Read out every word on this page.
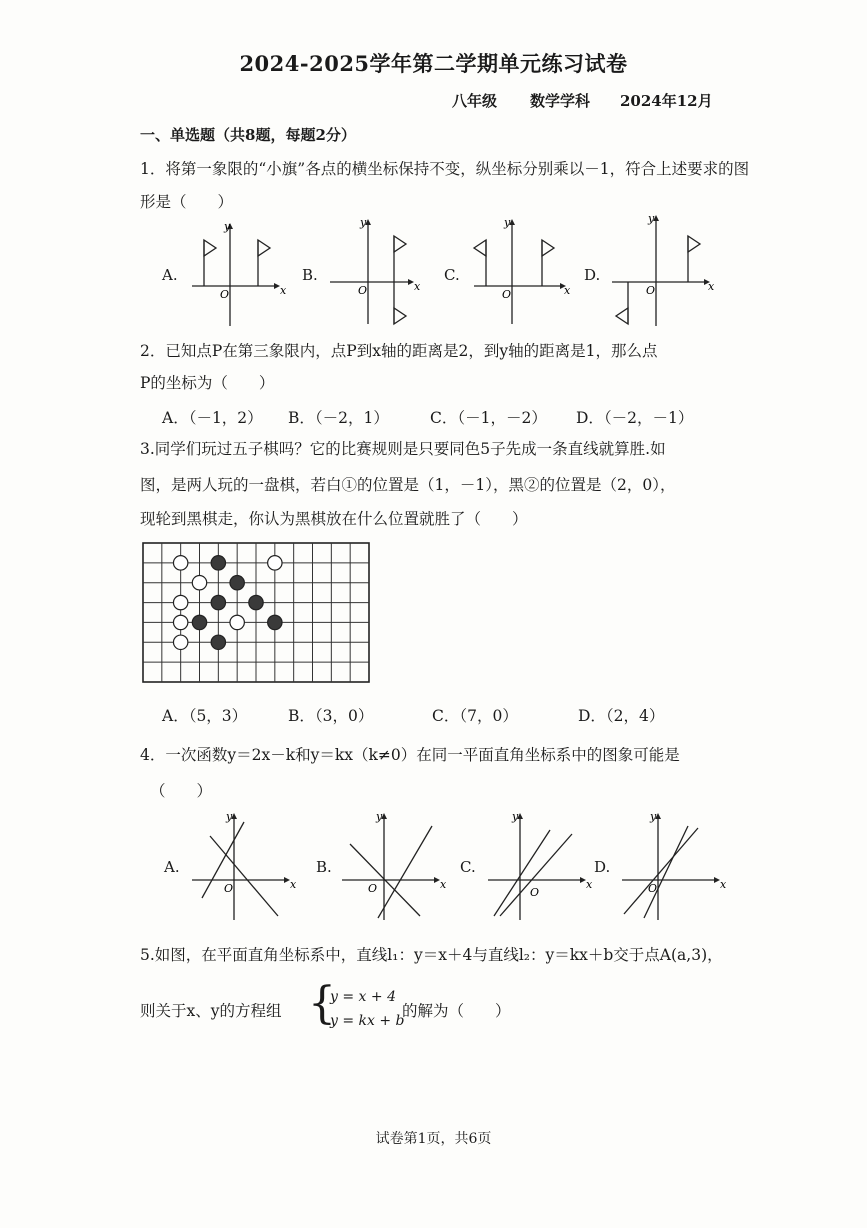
2024-2025学年第二学期单元练习试卷
八年级 数学学科 2024年12月
一、单选题（共8题，每题2分）
1．将第一象限的“小旗”各点的横坐标保持不变，纵坐标分别乘以－1，符合上述要求的图
形是（　　）
A.
y
x
O
B.
y
x
O
C.
y
x
O
D.
y
x
O
2．已知点P在第三象限内，点P到x轴的距离是2，到y轴的距离是1，那么点
P的坐标为（　　）
A．（－1，2） B．（－2，1）	C．（－1，－2） D．（－2，－1）
3.同学们玩过五子棋吗？它的比赛规则是只要同色5子先成一条直线就算胜.如
图，是两人玩的一盘棋，若白①的位置是（1，－1），黑②的位置是（2，0），
现轮到黑棋走，你认为黑棋放在什么位置就胜了（　　）
A．（5，3）	B．（3，0）	C．（7，0）	D．（2，4）
4．一次函数y＝2x－k和y＝kx（k≠0）在同一平面直角坐标系中的图象可能是
（　　）
A.
y
x
O
B.
y
x
O
C.
y
x
O
D.
y
x
O
5.如图，在平面直角坐标系中，直线l₁：y＝x＋4与直线l₂：y＝kx＋b交于点A(a,3)，
则关于x、y的方程组 {
y = x + 4
y = kx + b
的解为（　　）
试卷第1页，共6页
